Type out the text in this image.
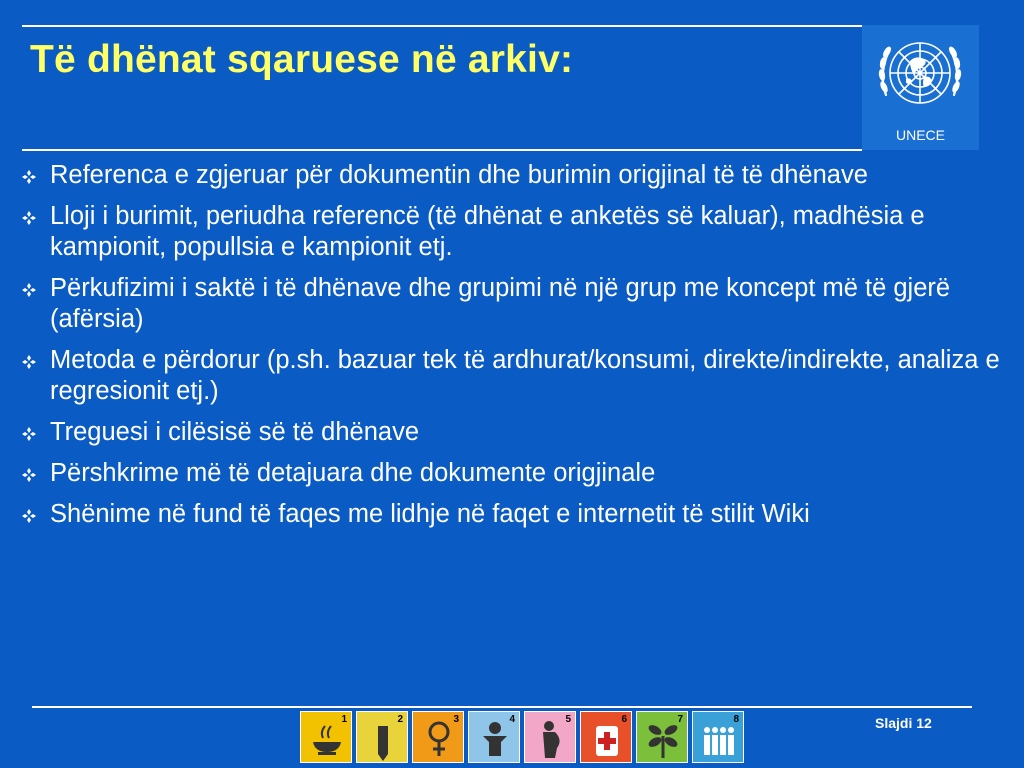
Të dhënat sqaruese në arkiv:
UNECE
Referenca e zgjeruar për dokumentin dhe burimin origjinal të të dhënave
Lloji i burimit, periudha referencë (të dhënat e anketës së kaluar), madhësia e kampionit, popullsia e kampionit etj.
Përkufizimi i saktë i të dhënave dhe grupimi në një grup me koncept më të gjerë (afërsia)
Metoda e përdorur (p.sh. bazuar tek të ardhurat/konsumi, direkte/indirekte, analiza e regresionit etj.)
Treguesi i cilësisë së të dhënave
Përshkrime më të detajuara dhe dokumente origjinale
Shënime në fund të faqes me lidhje në faqet e internetit të stilit Wiki
1	2	3	4	5	6	7	8	Slajdi 12
